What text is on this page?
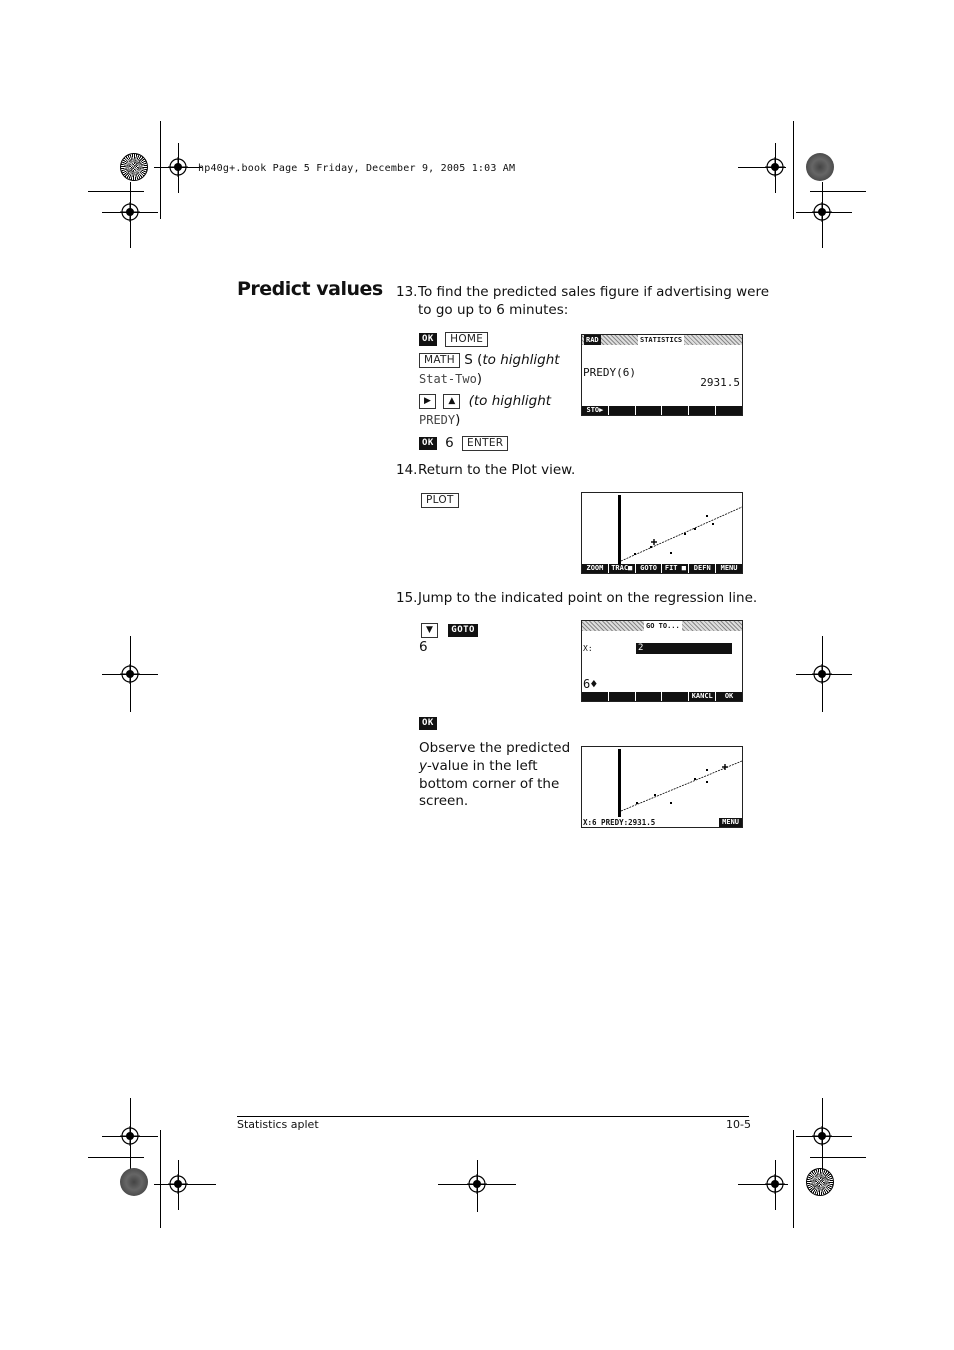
hp40g+.book Page 5 Friday, December 9, 2005 1:03 AM
Predict values 13.To find the predicted sales figure if advertising were
to go up to 6 minutes:
OK HOME
MATH S (to highlight
Stat-Two)
▶ ▲ (to highlight
PREDY)
OK 6 ENTER
RAD	STATISTICS
PREDY(6)
2931.5
STO▶
14.Return to the Plot view.
PLOT
ZOOM	TRAC■	GOTO	FIT ■	DEFN	MENU
15.Jump to the indicated point on the regression line.
▼ GOTO
6
GO TO...
X:	2
6♦
KANCL	OK
OK
Observe the predicted
y-value in the left
bottom corner of the
screen.
X:6 PREDY:2931.5	MENU
Statistics aplet	10-5
